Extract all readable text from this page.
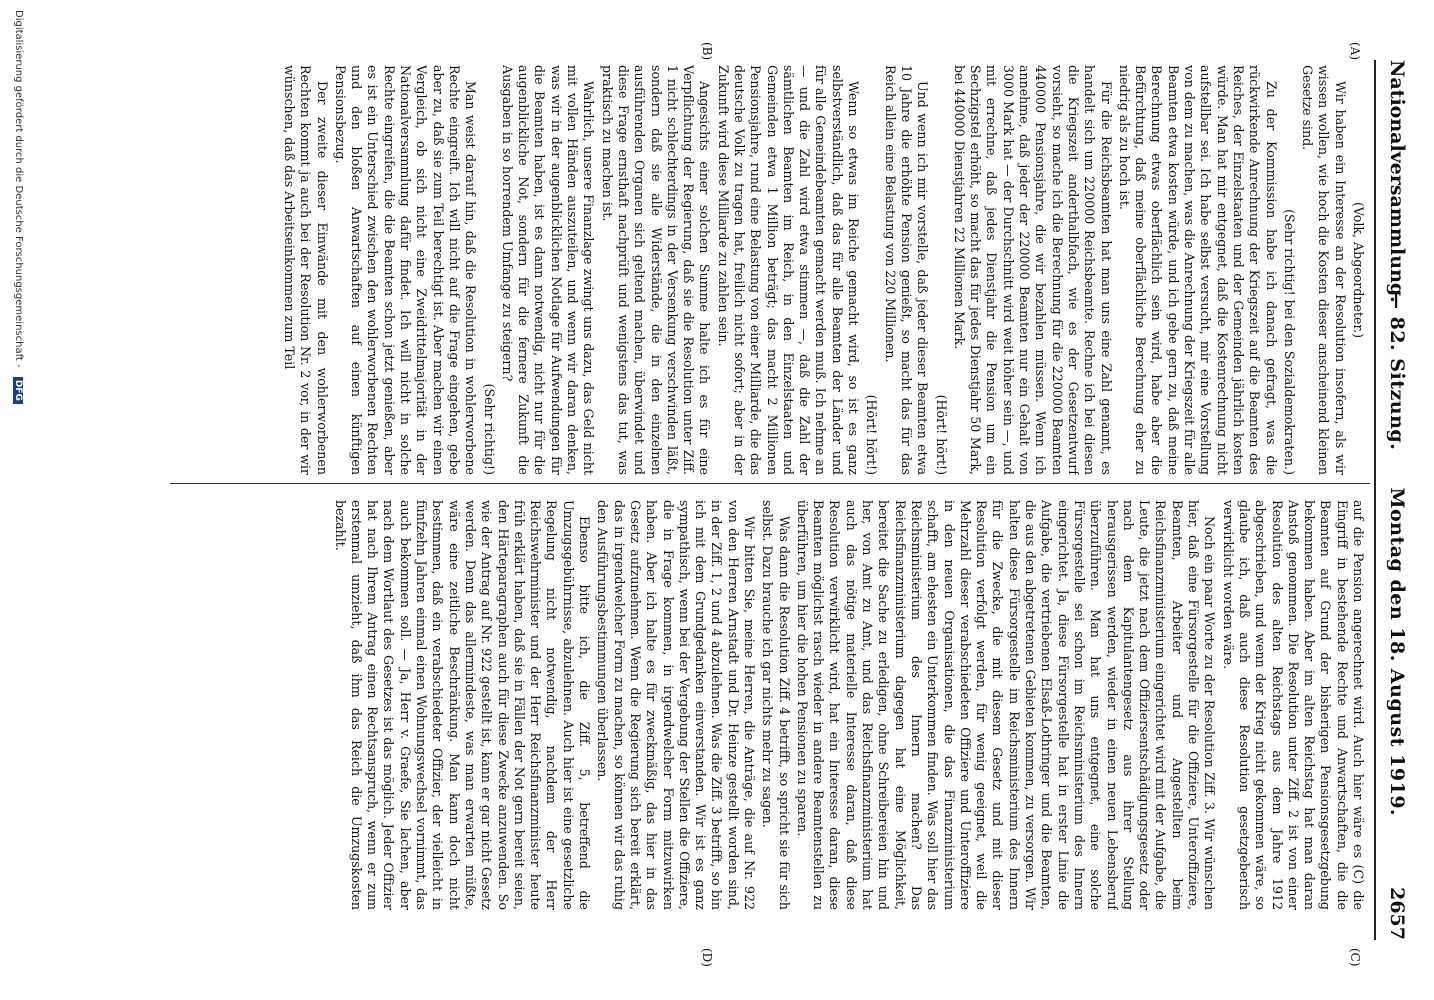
Nationalversammlung.
— 82. Sitzung. Montag den 18. August 1919.
2657
(A)
(B)
(C)
(D)

(Volk, Abgeordneter.)

Wir haben ein Interesse an der Resolution insofern, als wir wissen wollen, wie hoch die Kosten dieser anscheinend kleinen Gesetze sind.

(Sehr richtig! bei den Sozialdemokraten.)

Zu der Kommission habe ich danach gefragt, was die rückwirkende Anrechnung der Kriegszeit auf die Beamten des Reiches, der Einzelstaaten und der Gemeinden jährlich kosten würde. Man hat mir entgegnet, daß die Kostenrechnung nicht aufstellbar sei. Ich habe selbst versucht, mir eine Vorstellung von dem zu machen, was die Anrechnung der Kriegszeit für alle Beamten etwa kosten würde, und ich gebe gern zu, daß meine Berechnung etwas oberflächlich sein wird, habe aber die Befürchtung, daß meine oberflächliche Berechnung eher zu niedrig als zu hoch ist.

Für die Reichsbeamten hat man uns eine Zahl genannt, es handelt sich um 220000 Reichsbeamte. Rechne ich bei diesen die Kriegszeit anderthalbfach, wie es der Gesetzentwurf vorsieht, so mache ich die Berechnung für die 220000 Beamten 440000 Pensionsjahre, die wir bezahlen müssen. Wenn ich annehme, daß jeder der 220000 Beamten nur ein Gehalt von 3000 Mark hat — der Durchschnitt wird weit höher sein —, und mit errechne, daß jedes Dienstjahr die Pension um ein Sechzigstel erhöht, so macht das für jedes Dienstjahr 50 Mark, bei 440000 Dienstjahren 22 Millionen Mark.

(Hört! hört!)

Und wenn ich mir vorstelle, daß jeder dieser Beamten etwa 10 Jahre die erhöhte Pension genießt, so macht das für das Reich allein eine Belastung von 220 Millionen.

(Hört! hört!)

Wenn so etwas im Reiche gemacht wird, so ist es ganz selbstverständlich, daß das für alle Beamten der Länder und für alle Gemeindebeamten gemacht werden muß. Ich nehme an — und die Zahl wird etwa stimmen —, daß die Zahl der sämtlichen Beamten im Reich, in den Einzelstaaten und Gemeinden etwa 1 Million beträgt; das macht 2 Millionen Pensionsjahre, rund eine Belastung von einer Milliarde, die das deutsche Volk zu tragen hat, freilich nicht sofort; aber in der Zukunft wird diese Milliarde zu zahlen sein.

Angesichts einer solchen Summe halte ich es für eine Verpflichtung der Regierung, daß sie die Resolution unter Ziff. 1 nicht schlechterdings in der Versenkung verschwinden läßt, sondern daß sie alle Widerstände, die in den einzelnen ausführenden Organen sich geltend machen, überwindet und diese Frage ernsthaft nachprüft und wenigstens das tut, was praktisch zu machen ist.

Wahrlich, unsere Finanzlage zwingt uns dazu, das Geld nicht mit vollen Händen auszuteilen, und wenn wir daran denken, was wir in der augenblicklichen Notlage für Aufwendungen für die Beamten haben, ist es dann notwendig, nicht nur für die augenblickliche Not, sondern für die fernere Zukunft die Ausgaben in so horrendem Umfange zu steigern?

(Sehr richtig!)

Man weist darauf hin, daß die Resolution in wohlerworbene Rechte eingreift. Ich will nicht auf die Frage eingehen, gebe aber zu, daß sie zum Teil berechtigt ist. Aber machen wir einen Vergleich, ob sich nicht eine Zweidrittelmajorität in der Nationalversammlung dafür findet. Ich will nicht in solche Rechte eingreifen, die die Beamten schon jetzt genießen, aber es ist ein Unterschied zwischen den wohlerworbenen Rechten und den bloßen Anwartschaften auf einen künftigen Pensionsbezug.

Der zweite dieser Einwände mit den wohlerworbenen Rechten kommt ja auch bei der Resolution Nr. 2 vor, in der wir wünschen, daß das Arbeitseinkommen zum Teil

auf die Pension angerechnet wird. Auch hier wäre es (C) die Eingriff in bestehende Rechte und Anwartschaften, die die Beamten auf Grund der bisherigen Pensionsgesetzgebung bekommen haben. Aber im alten Reichstag hat man daran Anstoß genommen. Die Resolution unter Ziff. 2 ist von einer Resolution des alten Reichstags aus dem Jahre 1912 abgeschrieben, und wenn der Krieg nicht gekommen wäre, so glaube ich, daß auch diese Resolution gesetzgeberisch verwirklicht worden wäre.

Noch ein paar Worte zu der Resolution Ziff. 3. Wir wünschen hier, daß eine Fürsorgestelle für die Offiziere, Unteroffiziere, Beamten, Arbeiter und Angestellten beim Reichsfinanzministerium eingerichtet wird mit der Aufgabe, die Leute, die jetzt nach dem Offiziersentschädigungsgesetz oder nach dem Kapitulantengesetz aus ihrer Stellung herausgerissen werden, wieder in einen neuen Lebensberuf überzuführen. Man hat uns entgegnet, eine solche Fürsorgestelle sei schon im Reichsministerium des Innern eingerichtet. Ja, diese Fürsorgestelle hat in erster Linie die Aufgabe, die vertriebenen Elsaß-Lothringer und die Beamten, die aus den abgetretenen Gebieten kommen, zu versorgen. Wir halten diese Fürsorgestelle im Reichsministerium des Innern für die Zwecke, die mit diesem Gesetz und mit dieser Resolution verfolgt werden, für wenig geeignet, weil die Mehrzahl dieser verabschiedeten Offiziere und Unteroffiziere in den neuen Organisationen, die das Finanzministerium schafft, am ehesten ein Unterkommen finden. Was soll hier das Reichsministerium des Innern machen? Das Reichsfinanzministerium dagegen hat eine Möglichkeit, bereitet die Sache zu erledigen, ohne Schreibereien hin und her, von Amt zu Amt, und das Reichsfinanzministerium hat auch das nötige materielle Interesse daran, daß diese Resolution verwirklicht wird, hat ein Interesse daran, diese Beamten möglichst rasch wieder in andere Beamtenstellen zu überführen, um hier die hohen Pensionen zu sparen.

Was dann die Resolution Ziff. 4 betrifft, so spricht sie für sich selbst. Dazu brauche ich gar nichts mehr zu sagen.

Wir bitten Sie, meine Herren, die Anträge, die auf Nr. 922 von den Herren Arnstadt und Dr. Heinze gestellt worden sind, in der Ziff. 1, 2 und 4 abzulehnen. Was die Ziff. 3 betrifft, so bin ich mit dem Grundgedanken einverstanden. Wir ist es ganz sympathisch, wenn bei der Vergebung der Stellen die Offiziere, die in Frage kommen, in irgendwelcher Form mitzuwirken haben. Aber ich halte es für zweckmäßig, das hier in das Gesetz aufzunehmen. Wenn die Regierung sich bereit erklärt, das in irgendwelcher Form zu machen, so können wir das ruhig den Ausführungsbestimmungen überlassen.

Ebenso bitte ich, die Ziff. 5, betreffend die Umzugsgebührnisse, abzulehnen. Auch hier ist eine gesetzliche Regelung nicht notwendig, nachdem der Herr Reichswehrminister und der Herr Reichsfinanzminister heute früh erklärt haben, daß sie in Fällen der Not gern bereit seien, den Härteparagraphen auch für diese Zwecke anzuwenden. So wie der Antrag auf Nr. 922 gestellt ist, kann er gar nicht Gesetz werden. Denn das allermindeste, was man erwarten müßte, wäre eine zeitliche Beschränkung. Man kann doch nicht bestimmen, daß ein verabschiedeter Offizier, der vielleicht in fünfzehn Jahren einmal einen Wohnungswechsel vornimmt, das auch bekommen soll. — Ja, Herr v. Graefe, Sie lachen, aber nach dem Wortlaut des Gesetzes ist das möglich. Jeder Offizier hat nach Ihrem Antrag einen Rechtsanspruch, wenn er zum erstenmal umzieht, daß ihm das Reich die Umzugskosten bezahlt.

Digitalisierung gefördert durch die Deutsche Forschungsgemeinschaft - DFG
